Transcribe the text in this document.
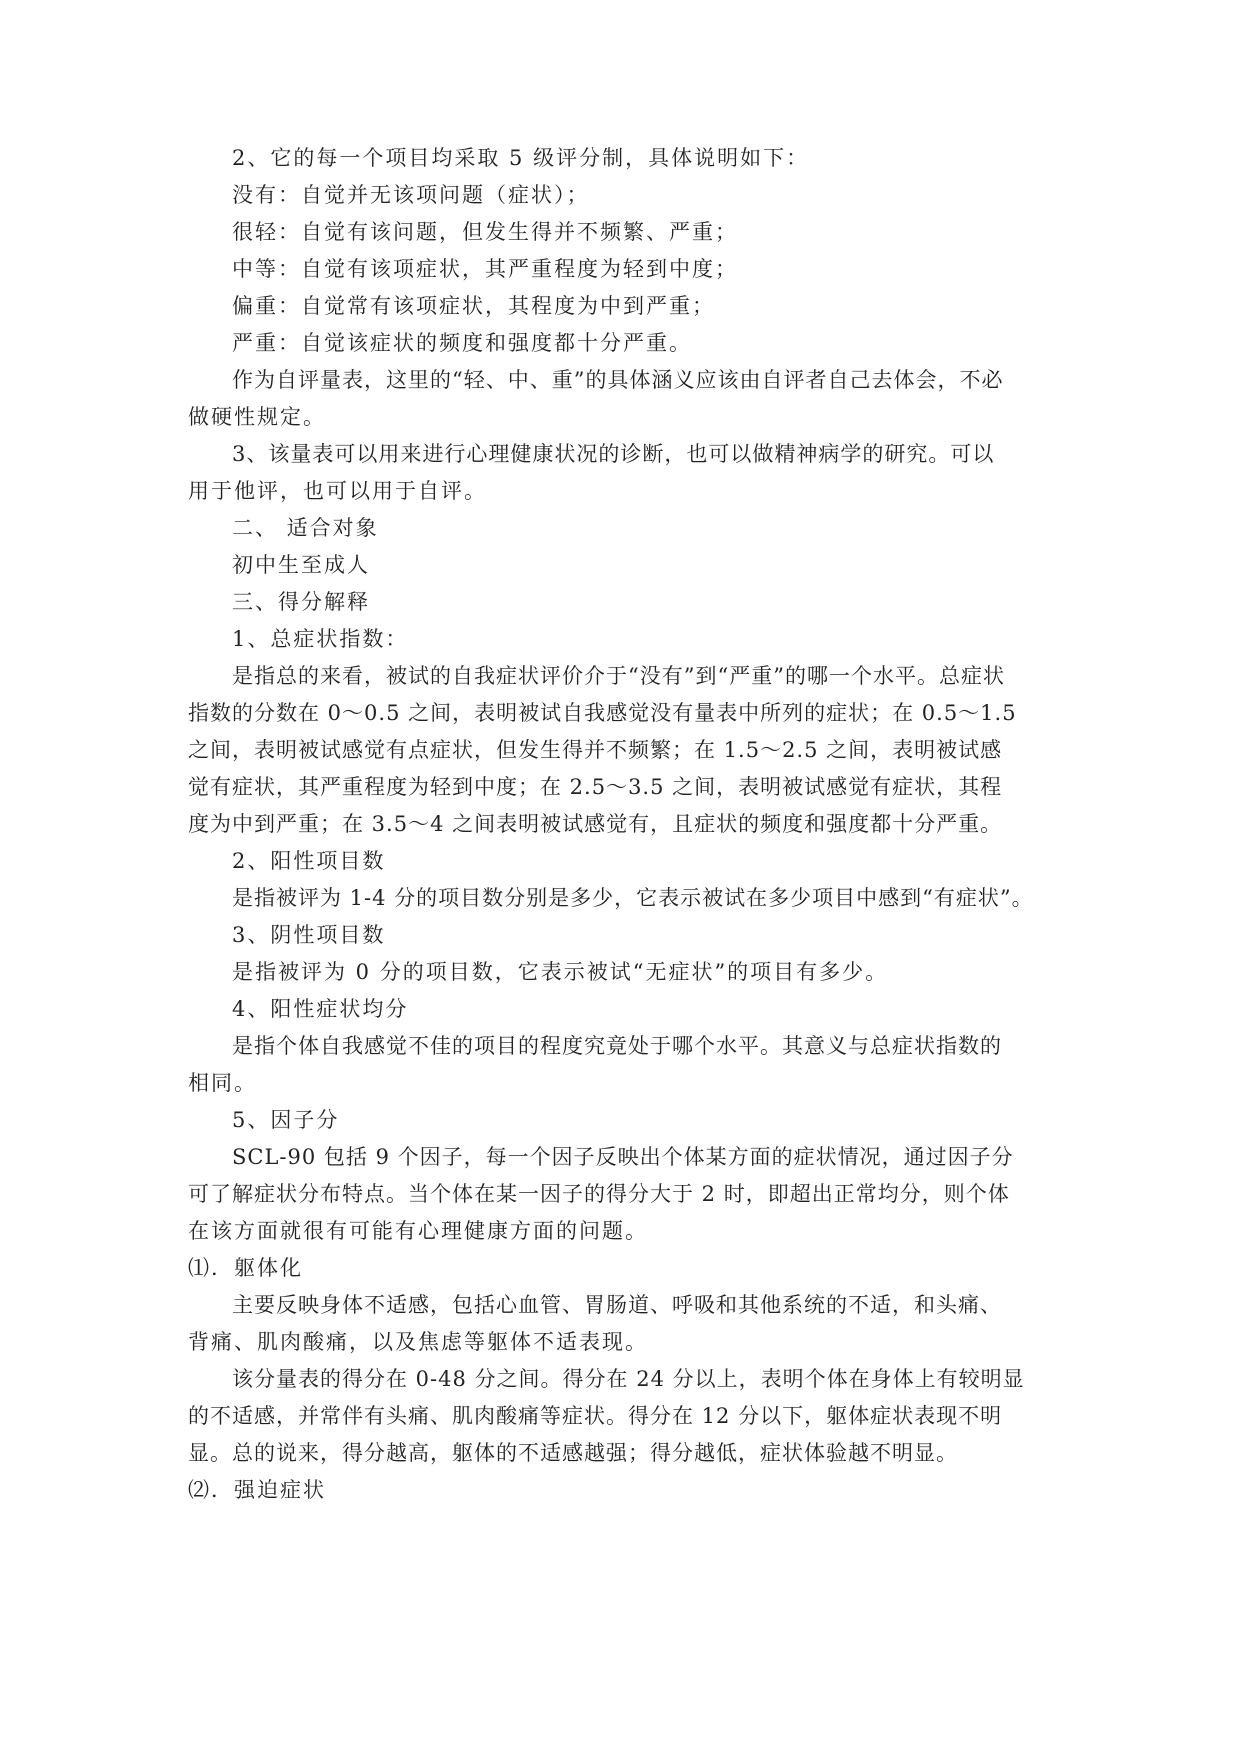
2、它的每一个项目均采取 5 级评分制，具体说明如下：
没有：自觉并无该项问题（症状）；
很轻：自觉有该问题，但发生得并不频繁、严重；
中等：自觉有该项症状，其严重程度为轻到中度；
偏重：自觉常有该项症状，其程度为中到严重；
严重：自觉该症状的频度和强度都十分严重。
作为自评量表，这里的“轻、中、重”的具体涵义应该由自评者自己去体会，不必
做硬性规定。
3、该量表可以用来进行心理健康状况的诊断，也可以做精神病学的研究。可以
用于他评，也可以用于自评。
二、 适合对象
初中生至成人
三、得分解释
1、总症状指数：
是指总的来看，被试的自我症状评价介于“没有”到“严重”的哪一个水平。总症状
指数的分数在 0～0.5 之间，表明被试自我感觉没有量表中所列的症状；在 0.5～1.5
之间，表明被试感觉有点症状，但发生得并不频繁；在 1.5～2.5 之间，表明被试感
觉有症状，其严重程度为轻到中度；在 2.5～3.5 之间，表明被试感觉有症状，其程
度为中到严重；在 3.5～4 之间表明被试感觉有，且症状的频度和强度都十分严重。
2、阳性项目数
是指被评为 1-4 分的项目数分别是多少，它表示被试在多少项目中感到“有症状”。
3、阴性项目数
是指被评为 0 分的项目数，它表示被试“无症状”的项目有多少。
4、阳性症状均分
是指个体自我感觉不佳的项目的程度究竟处于哪个水平。其意义与总症状指数的
相同。
5、因子分
SCL-90 包括 9 个因子，每一个因子反映出个体某方面的症状情况，通过因子分
可了解症状分布特点。当个体在某一因子的得分大于 2 时，即超出正常均分，则个体
在该方面就很有可能有心理健康方面的问题。
⑴．躯体化
主要反映身体不适感，包括心血管、胃肠道、呼吸和其他系统的不适，和头痛、
背痛、肌肉酸痛，以及焦虑等躯体不适表现。
该分量表的得分在 0-48 分之间。得分在 24 分以上，表明个体在身体上有较明显
的不适感，并常伴有头痛、肌肉酸痛等症状。得分在 12 分以下，躯体症状表现不明
显。总的说来，得分越高，躯体的不适感越强；得分越低，症状体验越不明显。
⑵．强迫症状
